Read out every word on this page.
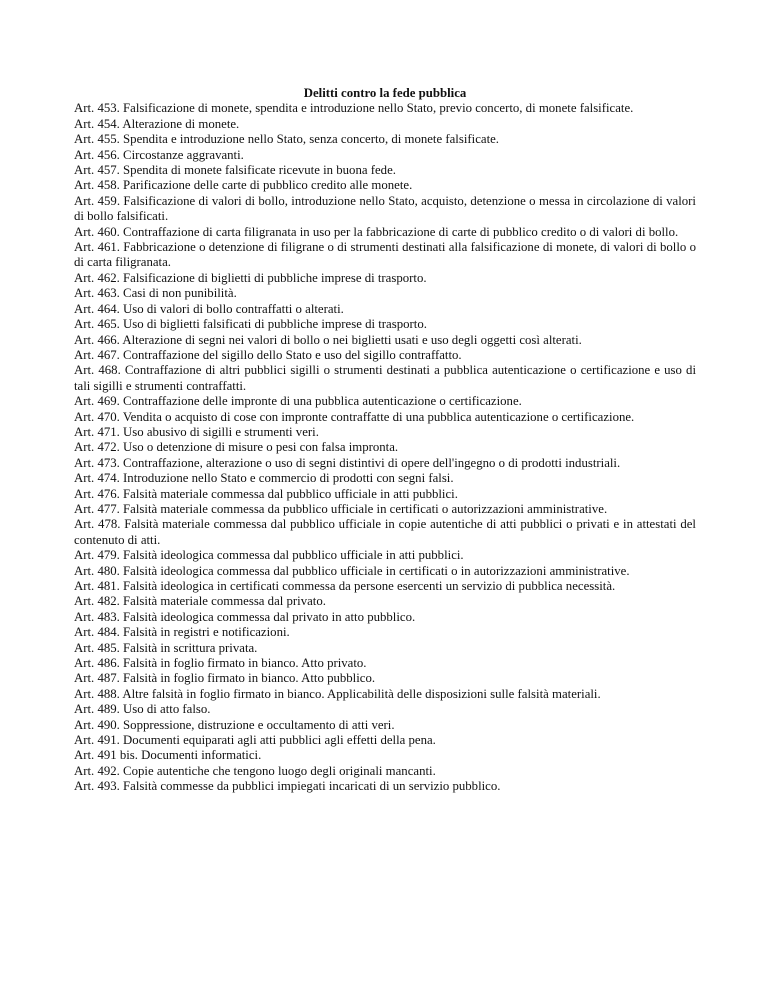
Delitti contro la fede pubblica
Art. 453. Falsificazione di monete, spendita e introduzione nello Stato, previo concerto, di monete falsificate.
Art. 454. Alterazione di monete.
Art. 455. Spendita e introduzione nello Stato, senza concerto, di monete falsificate.
Art. 456. Circostanze aggravanti.
Art. 457. Spendita di monete falsificate ricevute in buona fede.
Art. 458. Parificazione delle carte di pubblico credito alle monete.
Art. 459. Falsificazione di valori di bollo, introduzione nello Stato, acquisto, detenzione o messa in circolazione di valori di bollo falsificati.
Art. 460. Contraffazione di carta filigranata in uso per la fabbricazione di carte di pubblico credito o di valori di bollo.
Art. 461. Fabbricazione o detenzione di filigrane o di strumenti destinati alla falsificazione di monete, di valori di bollo o di carta filigranata.
Art. 462. Falsificazione di biglietti di pubbliche imprese di trasporto.
Art. 463. Casi di non punibilità.
Art. 464. Uso di valori di bollo contraffatti o alterati.
Art. 465. Uso di biglietti falsificati di pubbliche imprese di trasporto.
Art. 466. Alterazione di segni nei valori di bollo o nei biglietti usati e uso degli oggetti così alterati.
Art. 467. Contraffazione del sigillo dello Stato e uso del sigillo contraffatto.
Art. 468. Contraffazione di altri pubblici sigilli o strumenti destinati a pubblica autenticazione o certificazione e uso di tali sigilli e strumenti contraffatti.
Art. 469. Contraffazione delle impronte di una pubblica autenticazione o certificazione.
Art. 470. Vendita o acquisto di cose con impronte contraffatte di una pubblica autenticazione o certificazione.
Art. 471. Uso abusivo di sigilli e strumenti veri.
Art. 472. Uso o detenzione di misure o pesi con falsa impronta.
Art. 473. Contraffazione, alterazione o uso di segni distintivi di opere dell'ingegno o di prodotti industriali.
Art. 474. Introduzione nello Stato e commercio di prodotti con segni falsi.
Art. 476. Falsità materiale commessa dal pubblico ufficiale in atti pubblici.
Art. 477. Falsità materiale commessa da pubblico ufficiale in certificati o autorizzazioni amministrative.
Art. 478. Falsità materiale commessa dal pubblico ufficiale in copie autentiche di atti pubblici o privati e in attestati del contenuto di atti.
Art. 479. Falsità ideologica commessa dal pubblico ufficiale in atti pubblici.
Art. 480. Falsità ideologica commessa dal pubblico ufficiale in certificati o in autorizzazioni amministrative.
Art. 481. Falsità ideologica in certificati commessa da persone esercenti un servizio di pubblica necessità.
Art. 482. Falsità materiale commessa dal privato.
Art. 483. Falsità ideologica commessa dal privato in atto pubblico.
Art. 484. Falsità in registri e notificazioni.
Art. 485. Falsità in scrittura privata.
Art. 486. Falsità in foglio firmato in bianco. Atto privato.
Art. 487. Falsità in foglio firmato in bianco. Atto pubblico.
Art. 488. Altre falsità in foglio firmato in bianco. Applicabilità delle disposizioni sulle falsità materiali.
Art. 489. Uso di atto falso.
Art. 490. Soppressione, distruzione e occultamento di atti veri.
Art. 491. Documenti equiparati agli atti pubblici agli effetti della pena.
Art. 491 bis. Documenti informatici.
Art. 492. Copie autentiche che tengono luogo degli originali mancanti.
Art. 493. Falsità commesse da pubblici impiegati incaricati di un servizio pubblico.
